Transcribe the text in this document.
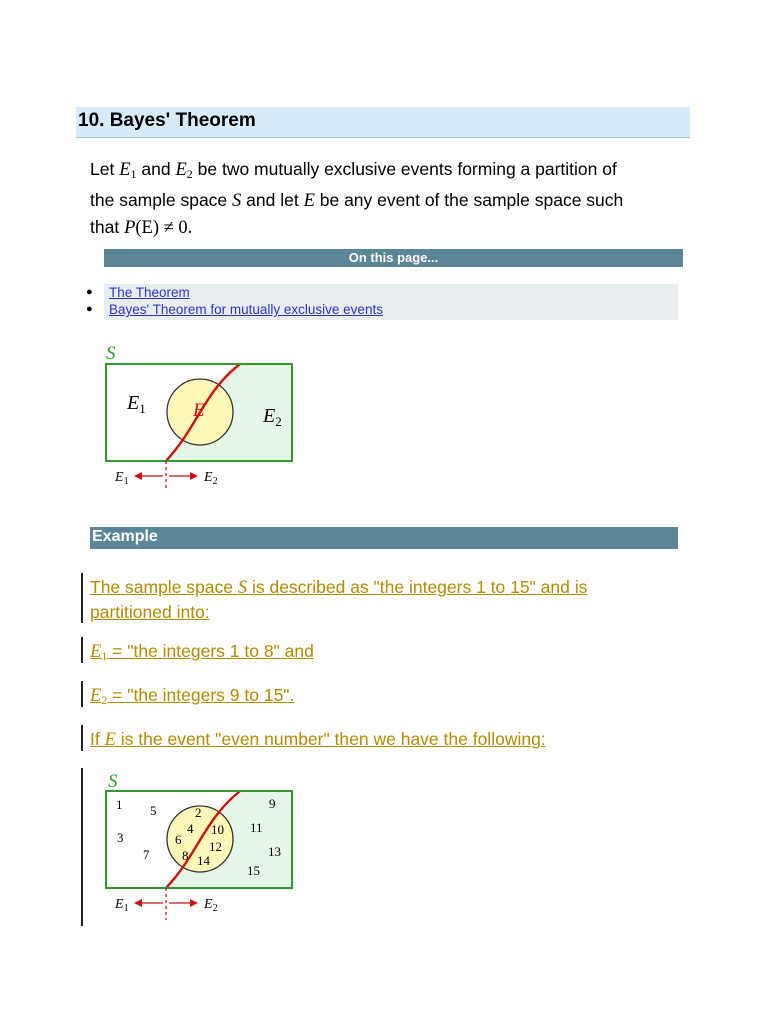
10. Bayes' Theorem
Let $E_1$ and $E_2$ be two mutually exclusive events forming a partition of
the sample space S and let E be any event of the sample space such
that P(E) ≠ 0.
On this page...
● The Theorem
● Bayes' Theorem for mutually exclusive events
S
$E_1$ E	$E_2$
$E_1$	$E_2$
Example
The sample space S is described as "the integers 1 to 15" and is
partitioned into:
$E_1$ = "the integers 1 to 8" and
$E_2$ = "the integers 9 to 15".
If E is the event "even number" then we have the following:
S
1 5
3
7
2
4
6
10
12
8 14
9
11
13
15
$E_1$	$E_2$
